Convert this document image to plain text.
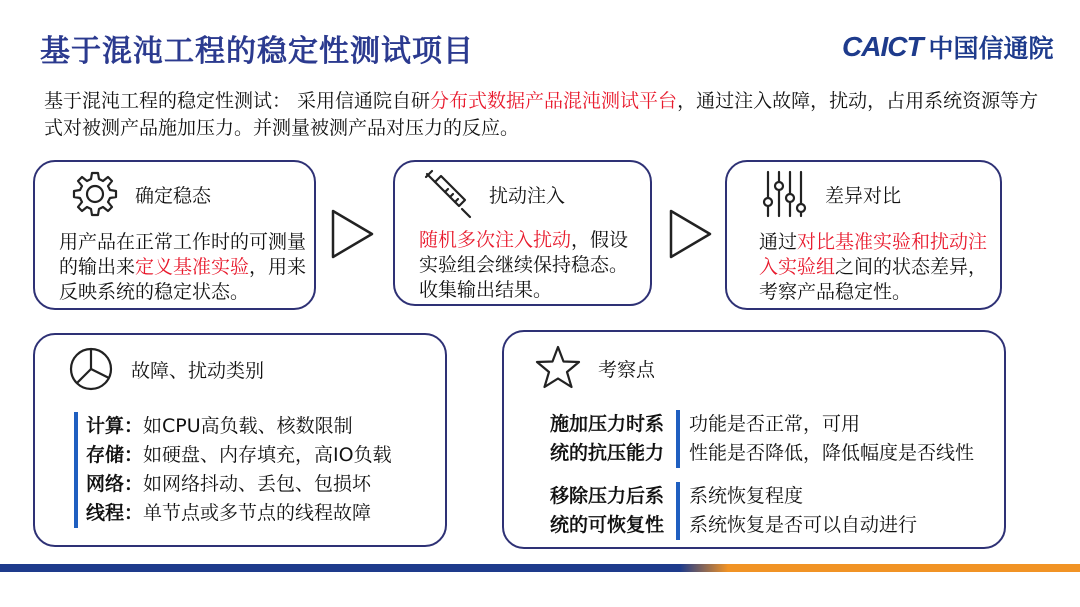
基于混沌工程的稳定性测试项目	CAICT 中国信通院
基于混沌工程的稳定性测试： 采用信通院自研分布式数据产品混沌测试平台，通过注入故障，扰动，占用系统资源等方式对被测产品施加压力。并测量被测产品对压力的反应。
确定稳态
用产品在正常工作时的可测量的输出来定义基准实验，用来反映系统的稳定状态。
扰动注入
随机多次注入扰动，假设实验组会继续保持稳态。收集输出结果。
差异对比
通过对比基准实验和扰动注入实验组之间的状态差异，考察产品稳定性。
故障、扰动类别
计算：如CPU高负载、核数限制
存储：如硬盘、内存填充，高IO负载
网络：如网络抖动、丢包、包损坏
线程：单节点或多节点的线程故障
考察点
施加压力时系统的抗压能力
功能是否正常，可用
性能是否降低，降低幅度是否线性
移除压力后系统的可恢复性
系统恢复程度
系统恢复是否可以自动进行
